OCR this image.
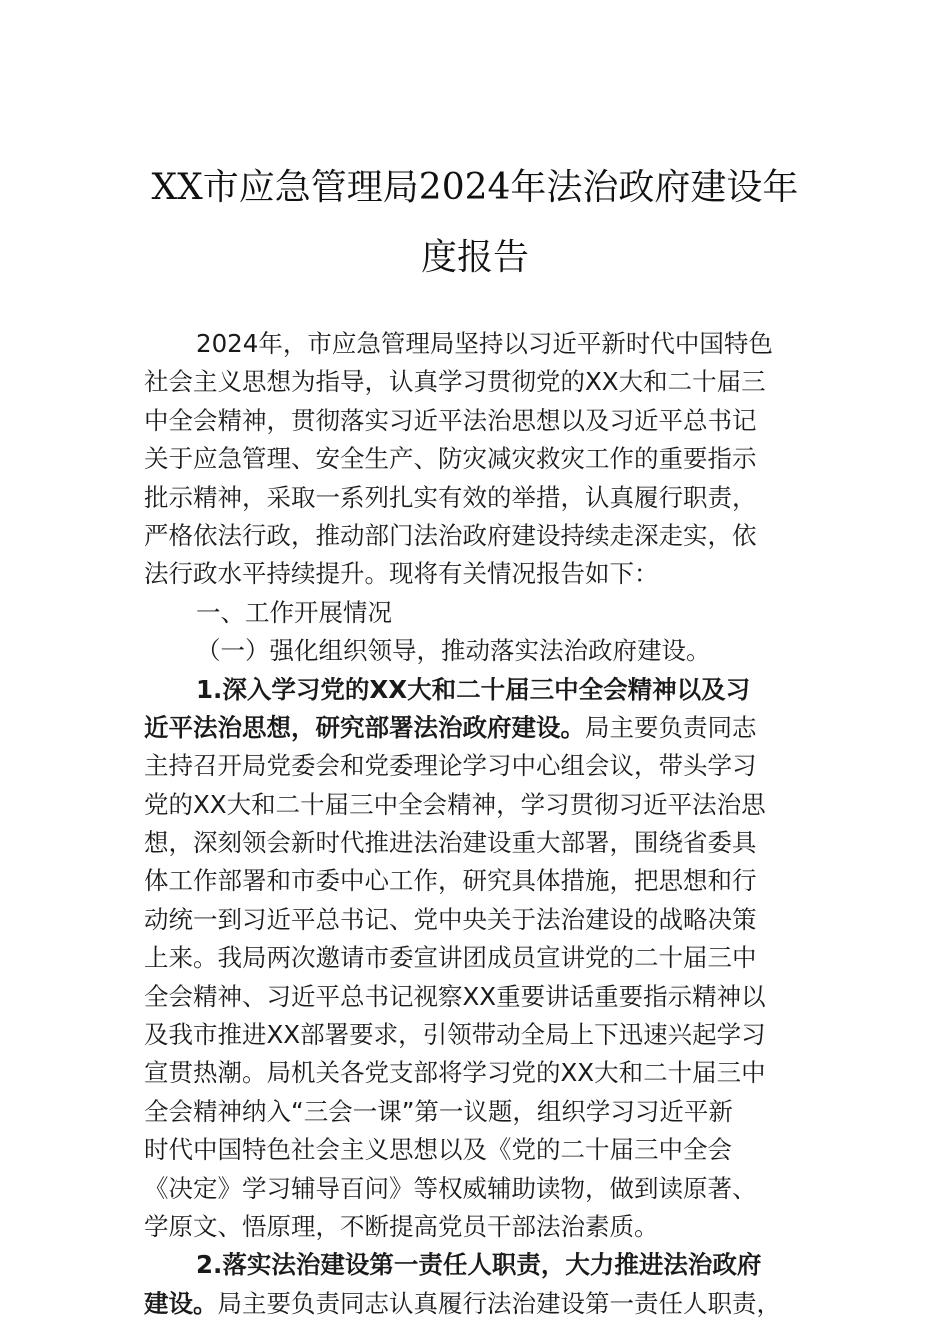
XX市应急管理局2024年法治政府建设年
度报告
2024年，市应急管理局坚持以习近平新时代中国特色
社会主义思想为指导，认真学习贯彻党的XX大和二十届三
中全会精神，贯彻落实习近平法治思想以及习近平总书记
关于应急管理、安全生产、防灾减灾救灾工作的重要指示
批示精神，采取一系列扎实有效的举措，认真履行职责，
严格依法行政，推动部门法治政府建设持续走深走实，依
法行政水平持续提升。现将有关情况报告如下：
一、工作开展情况
（一）强化组织领导，推动落实法治政府建设。
1.深入学习党的XX大和二十届三中全会精神以及习
近平法治思想，研究部署法治政府建设。局主要负责同志
主持召开局党委会和党委理论学习中心组会议，带头学习
党的XX大和二十届三中全会精神，学习贯彻习近平法治思
想，深刻领会新时代推进法治建设重大部署，围绕省委具
体工作部署和市委中心工作，研究具体措施，把思想和行
动统一到习近平总书记、党中央关于法治建设的战略决策
上来。我局两次邀请市委宣讲团成员宣讲党的二十届三中
全会精神、习近平总书记视察XX重要讲话重要指示精神以
及我市推进XX部署要求，引领带动全局上下迅速兴起学习
宣贯热潮。局机关各党支部将学习党的XX大和二十届三中
全会精神纳入“三会一课”第一议题，组织学习习近平新
时代中国特色社会主义思想以及《党的二十届三中全会
《决定》学习辅导百问》等权威辅助读物，做到读原著、
学原文、悟原理，不断提高党员干部法治素质。
2.落实法治建设第一责任人职责，大力推进法治政府
建设。局主要负责同志认真履行法治建设第一责任人职责，
